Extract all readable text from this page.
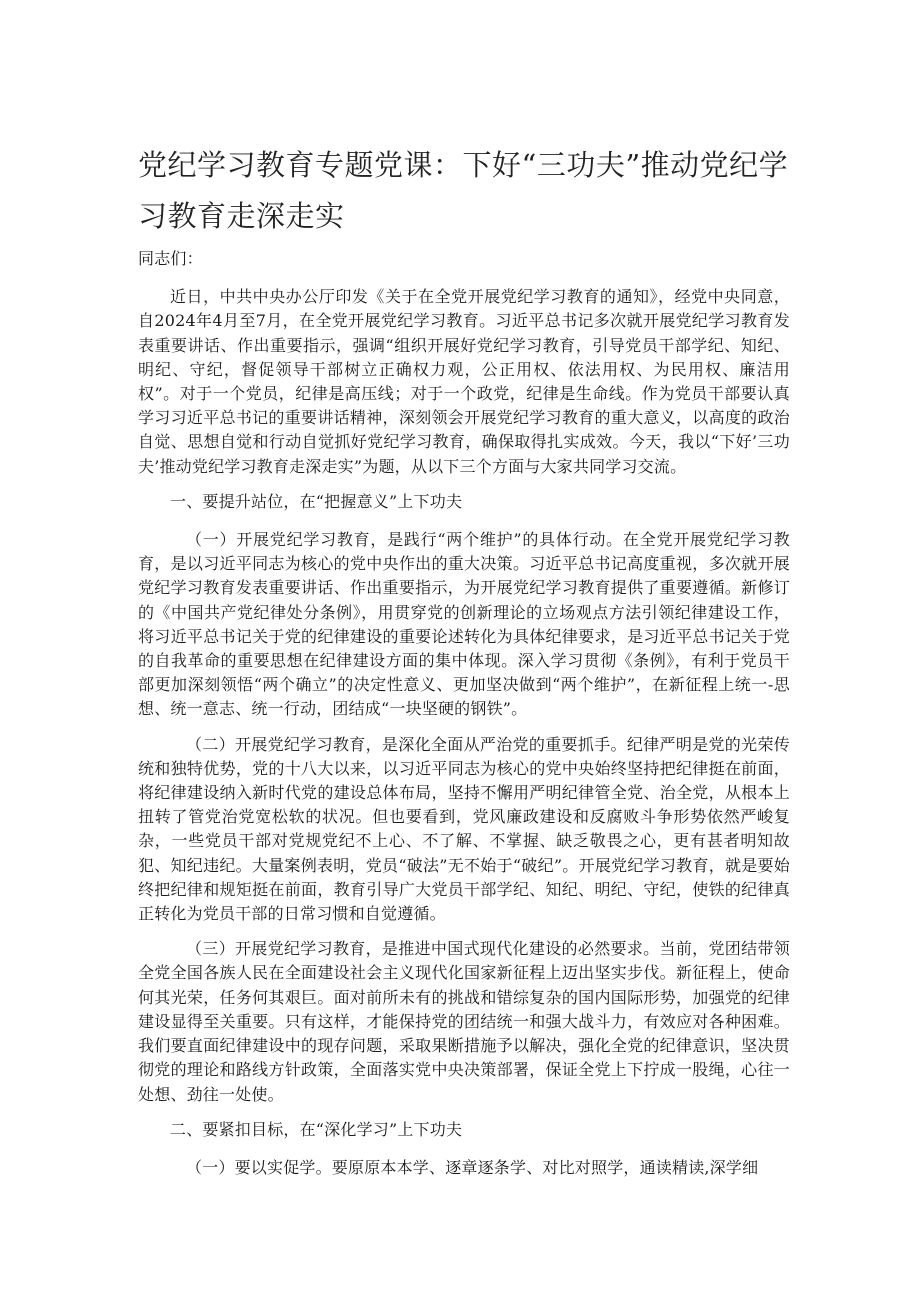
党纪学习教育专题党课：下好“三功夫”推动党纪学习教育走深走实

同志们：

近日，中共中央办公厅印发《关于在全党开展党纪学习教育的通知》，经党中央同意，自2024年4月至7月，在全党开展党纪学习教育。习近平总书记多次就开展党纪学习教育发表重要讲话、作出重要指示，强调“组织开展好党纪学习教育，引导党员干部学纪、知纪、明纪、守纪，督促领导干部树立正确权力观，公正用权、依法用权、为民用权、廉洁用权”。对于一个党员，纪律是高压线；对于一个政党，纪律是生命线。作为党员干部要认真学习习近平总书记的重要讲话精神，深刻领会开展党纪学习教育的重大意义，以高度的政治自觉、思想自觉和行动自觉抓好党纪学习教育，确保取得扎实成效。今天，我以“下好’三功夫’推动党纪学习教育走深走实”为题，从以下三个方面与大家共同学习交流。

一、要提升站位，在“把握意义”上下功夫

（一）开展党纪学习教育，是践行“两个维护”的具体行动。在全党开展党纪学习教育，是以习近平同志为核心的党中央作出的重大决策。习近平总书记高度重视，多次就开展党纪学习教育发表重要讲话、作出重要指示，为开展党纪学习教育提供了重要遵循。新修订的《中国共产党纪律处分条例》，用贯穿党的创新理论的立场观点方法引领纪律建设工作，将习近平总书记关于党的纪律建设的重要论述转化为具体纪律要求，是习近平总书记关于党的自我革命的重要思想在纪律建设方面的集中体现。深入学习贯彻《条例》，有利于党员干部更加深刻领悟“两个确立”的决定性意义、更加坚决做到“两个维护”，在新征程上统一-思想、统一意志、统一行动，团结成“一块坚硬的钢铁”。

（二）开展党纪学习教育，是深化全面从严治党的重要抓手。纪律严明是党的光荣传统和独特优势，党的十八大以来，以习近平同志为核心的党中央始终坚持把纪律挺在前面，将纪律建设纳入新时代党的建设总体布局，坚持不懈用严明纪律管全党、治全党，从根本上扭转了管党治党宽松软的状况。但也要看到，党风廉政建设和反腐败斗争形势依然严峻复杂，一些党员干部对党规党纪不上心、不了解、不掌握、缺乏敬畏之心，更有甚者明知故犯、知纪违纪。大量案例表明，党员“破法”无不始于“破纪”。开展党纪学习教育，就是要始终把纪律和规矩挺在前面，教育引导广大党员干部学纪、知纪、明纪、守纪，使铁的纪律真正转化为党员干部的日常习惯和自觉遵循。

（三）开展党纪学习教育，是推进中国式现代化建设的必然要求。当前，党团结带领全党全国各族人民在全面建设社会主义现代化国家新征程上迈出坚实步伐。新征程上，使命何其光荣，任务何其艰巨。面对前所未有的挑战和错综复杂的国内国际形势，加强党的纪律建设显得至关重要。只有这样，才能保持党的团结统一和强大战斗力，有效应对各种困难。我们要直面纪律建设中的现存问题，采取果断措施予以解决，强化全党的纪律意识，坚决贯彻党的理论和路线方针政策，全面落实党中央决策部署，保证全党上下拧成一股绳，心往一处想、劲往一处使。

二、要紧扣目标，在“深化学习”上下功夫

（一）要以实促学。要原原本本学、逐章逐条学、对比对照学，通读精读,深学细
